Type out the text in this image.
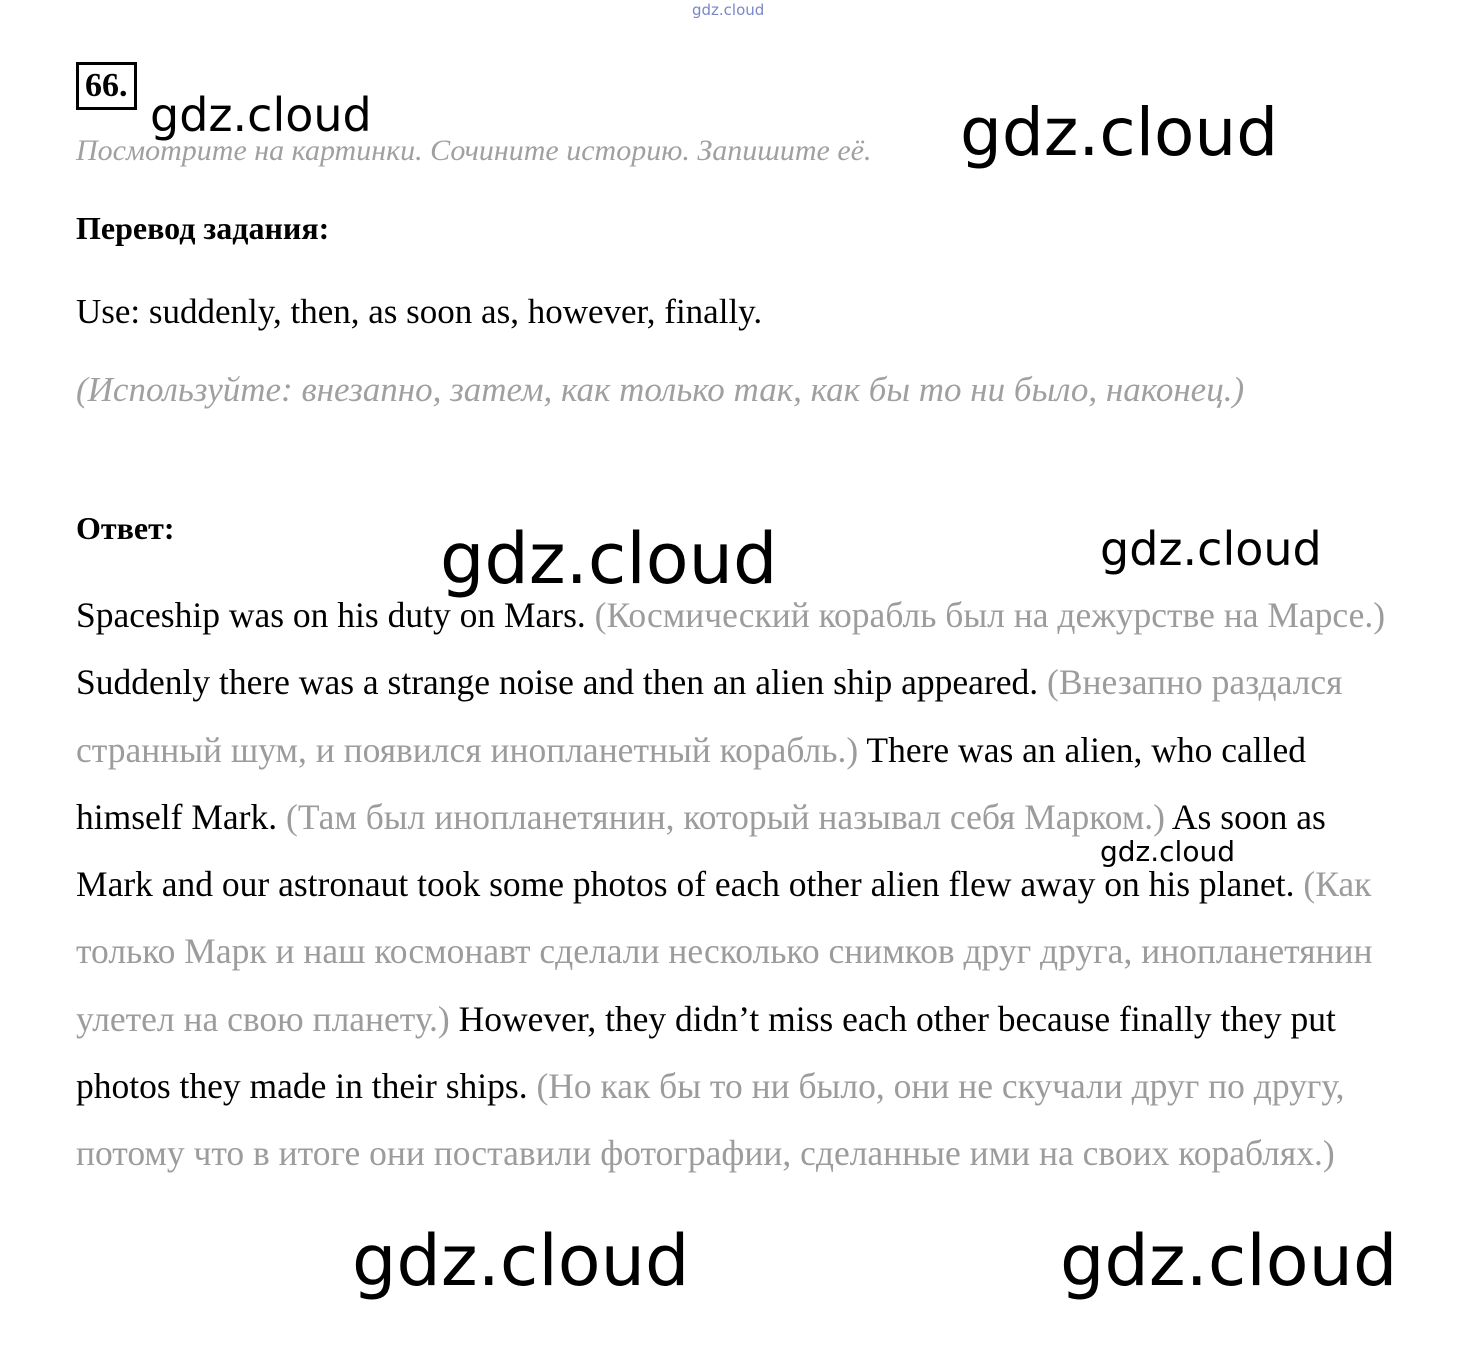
gdz.cloud
66.
Посмотрите на картинки. Сочините историю. Запишите её.
Перевод задания:
Use: suddenly, then, as soon as, however, finally.
(Используйте: внезапно, затем, как только так, как бы то ни было, наконец.)
Ответ:
Spaceship was on his duty on Mars. (Космический корабль был на дежурстве на Марсе.) Suddenly there was a strange noise and then an alien ship appeared. (Внезапно раздался странный шум, и появился инопланетный корабль.) There was an alien, who called himself Mark. (Там был инопланетянин, который называл себя Марком.) As soon as Mark and our astronaut took some photos of each other alien flew away on his planet. (Как только Марк и наш космонавт сделали несколько снимков друг друга, инопланетянин улетел на свою планету.) However, they didn’t miss each other because finally they put photos they made in their ships. (Но как бы то ни было, они не скучали друг по другу, потому что в итоге они поставили фотографии, сделанные ими на своих кораблях.)
gdz.cloud	gdz.cloud
gdz.cloud	gdz.cloud
gdz.cloud
gdz.cloud	gdz.cloud
